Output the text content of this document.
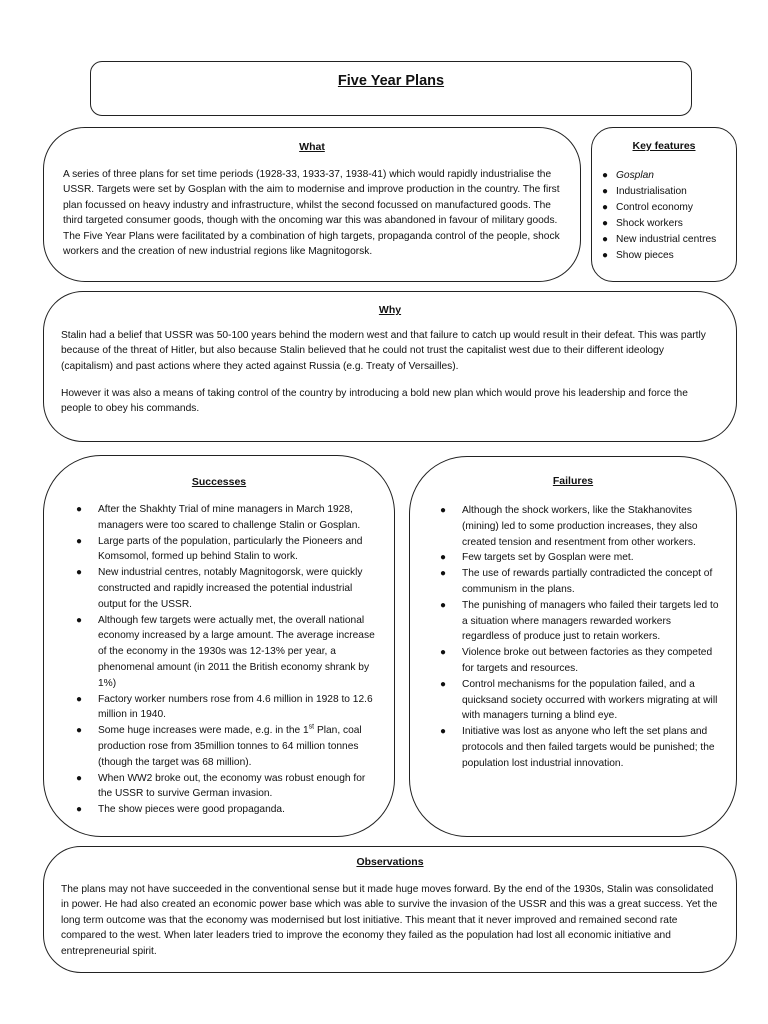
Five Year Plans
What

A series of three plans for set time periods (1928-33, 1933-37, 1938-41) which would rapidly industrialise the USSR. Targets were set by Gosplan with the aim to modernise and improve production in the country. The first plan focussed on heavy industry and infrastructure, whilst the second focussed on manufactured goods. The third targeted consumer goods, though with the oncoming war this was abandoned in favour of military goods. The Five Year Plans were facilitated by a combination of high targets, propaganda control of the people, shock workers and the creation of new industrial regions like Magnitogorsk.

Key features
● Gosplan
● Industrialisation
● Control economy
● Shock workers
● New industrial centres
● Show pieces
Why

Stalin had a belief that USSR was 50-100 years behind the modern west and that failure to catch up would result in their defeat. This was partly because of the threat of Hitler, but also because Stalin believed that he could not trust the capitalist west due to their different ideology (capitalism) and past actions where they acted against Russia (e.g. Treaty of Versailles).

However it was also a means of taking control of the country by introducing a bold new plan which would prove his leadership and force the people to obey his commands.

Successes
● After the Shakhty Trial of mine managers in March 1928, managers were too scared to challenge Stalin or Gosplan.
● Large parts of the population, particularly the Pioneers and Komsomol, formed up behind Stalin to work.
● New industrial centres, notably Magnitogorsk, were quickly constructed and rapidly increased the potential industrial output for the USSR.
● Although few targets were actually met, the overall national economy increased by a large amount. The average increase of the economy in the 1930s was 12-13% per year, a phenomenal amount (in 2011 the British economy shrank by 1%)
● Factory worker numbers rose from 4.6 million in 1928 to 12.6 million in 1940.
● Some huge increases were made, e.g. in the 1st Plan, coal production rose from 35million tonnes to 64 million tonnes (though the target was 68 million).
● When WW2 broke out, the economy was robust enough for the USSR to survive German invasion.
● The show pieces were good propaganda.
Failures
● Although the shock workers, like the Stakhanovites (mining) led to some production increases, they also created tension and resentment from other workers.
● Few targets set by Gosplan were met.
● The use of rewards partially contradicted the concept of communism in the plans.
● The punishing of managers who failed their targets led to a situation where managers rewarded workers regardless of produce just to retain workers.
● Violence broke out between factories as they competed for targets and resources.
● Control mechanisms for the population failed, and a quicksand society occurred with workers migrating at will with managers turning a blind eye.
● Initiative was lost as anyone who left the set plans and protocols and then failed targets would be punished; the population lost industrial innovation.
Observations

The plans may not have succeeded in the conventional sense but it made huge moves forward. By the end of the 1930s, Stalin was consolidated in power. He had also created an economic power base which was able to survive the invasion of the USSR and this was a great success. Yet the long term outcome was that the economy was modernised but lost initiative. This meant that it never improved and remained second rate compared to the west. When later leaders tried to improve the economy they failed as the population had lost all economic initiative and entrepreneurial spirit.
